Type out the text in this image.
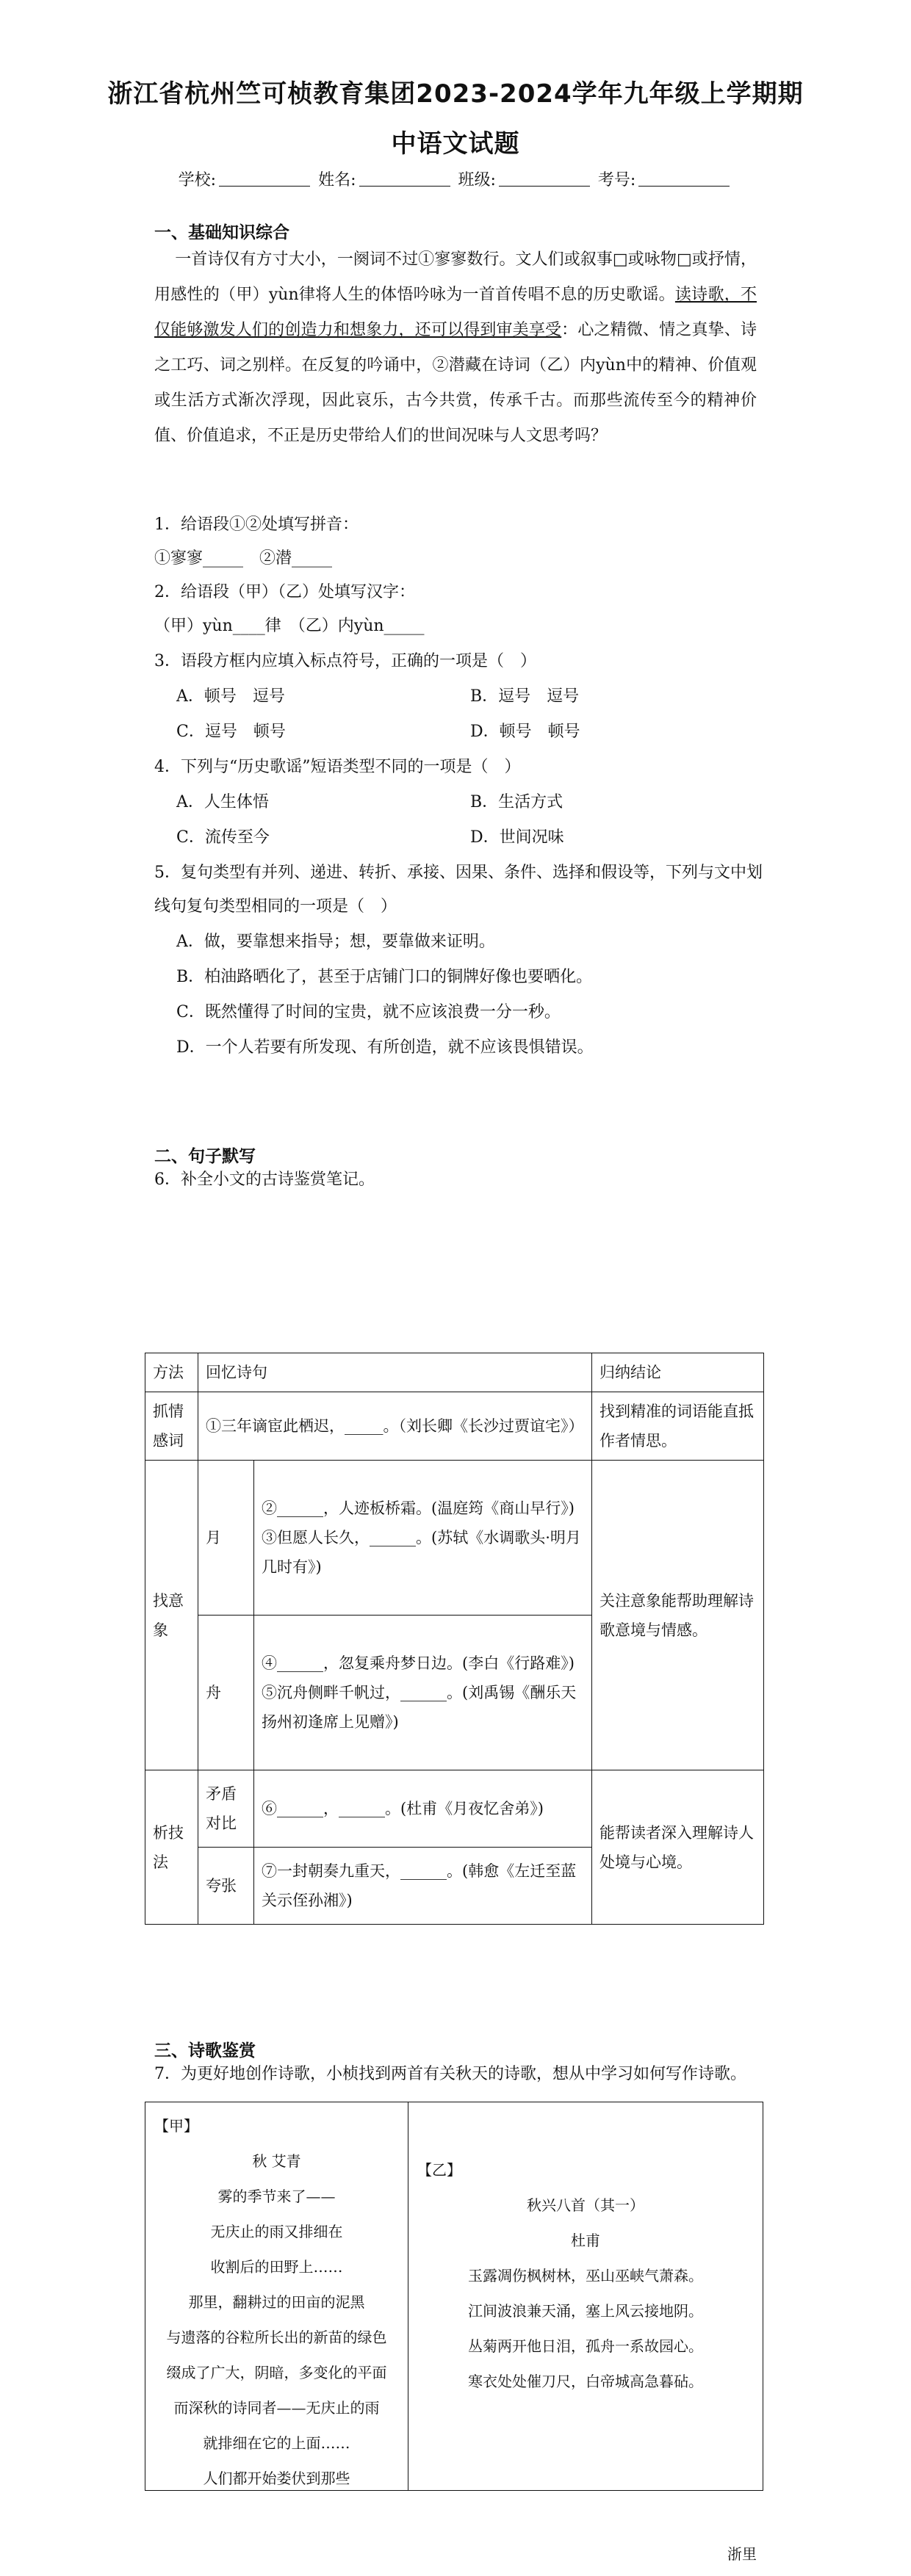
浙江省杭州竺可桢教育集团2023-2024学年九年级上学期期
中语文试题
学校:	姓名:	班级:	考号:
一、基础知识综合
一首诗仅有方寸大小，一阕词不过①寥寥数行。文人们或叙事□或咏物□或抒情，用感性的（甲）yùn律将人生的体悟吟咏为一首首传唱不息的历史歌谣。读诗歌，不仅能够激发人们的创造力和想象力，还可以得到审美享受：心之精微、情之真挚、诗之工巧、词之别样。在反复的吟诵中，②潜藏在诗词（乙）内yùn中的精神、价值观或生活方式渐次浮现，因此哀乐，古今共赏，传承千古。而那些流传至今的精神价值、价值追求，不正是历史带给人们的世间况味与人文思考吗？
1．给语段①②处填写拼音：
①寥寥_____　②潜_____
2．给语段（甲）（乙）处填写汉字：
（甲）yùn____律　（乙）内yùn_____
3．语段方框内应填入标点符号，正确的一项是（　）
A．顿号　逗号	B．逗号　逗号
C．逗号　顿号	D．顿号　顿号
4．下列与“历史歌谣”短语类型不同的一项是（　）
A．人生体悟	B．生活方式
C．流传至今	D．世间况味
5．复句类型有并列、递进、转折、承接、因果、条件、选择和假设等，下列与文中划
线句复句类型相同的一项是（　）
A．做，要靠想来指导；想，要靠做来证明。
B．柏油路晒化了，甚至于店铺门口的铜牌好像也要晒化。
C．既然懂得了时间的宝贵，就不应该浪费一分一秒。
D．一个人若要有所发现、有所创造，就不应该畏惧错误。
二、句子默写
6．补全小文的古诗鉴赏笔记。
方法	回忆诗句		归纳结论
抓情感词	①三年谪宦此栖迟，_____。（刘长卿《长沙过贾谊宅》）		找到精准的词语能直抵作者情思。
找意象	月	②______，人迹板桥霜。(温庭筠《商山早行》)
③但愿人长久，______。(苏轼《水调歌头·明月几时有》)	关注意象能帮助理解诗歌意境与情感。
	舟	④______，忽复乘舟梦日边。(李白《行路难》)
⑤沉舟侧畔千帆过，______。(刘禹锡《酬乐天扬州初逢席上见赠》)	

析技法	矛盾对比	⑥______，______。(杜甫《月夜忆舍弟》)	能帮读者深入理解诗人处境与心境。
	夸张	⑦一封朝奏九重天，______。(韩愈《左迁至蓝关示侄孙湘》)	
三、诗歌鉴赏
7．为更好地创作诗歌，小桢找到两首有关秋天的诗歌，想从中学习如何写作诗歌。
【甲】
秋 艾青
雾的季节来了——
无庆止的雨又排细在
收割后的田野上……
那里，翻耕过的田亩的泥黑
与遗落的谷粒所长出的新苗的绿色
缀成了广大，阴暗，多变化的平面
而深秋的诗同者——无庆止的雨
就排细在它的上面……
人们都开始娄伏到那些
【乙】
秋兴八首（其一）
杜甫
玉露凋伤枫树林，巫山巫峡气萧森。
江间波浪兼天涌，塞上风云接地阴。
丛菊两开他日泪，孤舟一系故园心。
寒衣处处催刀尺，白帝城高急暮砧。
浙里
